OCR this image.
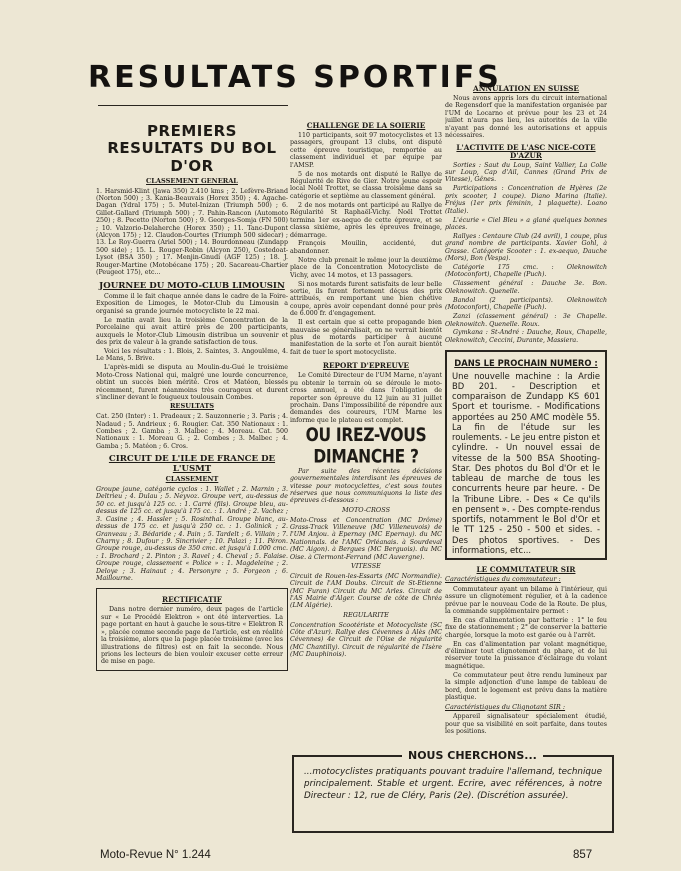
RESULTATS SPORTIFS
PREMIERS RESULTATS DU BOL D'OR
CLASSEMENT GENERAL

1. Harsmid-Klint (Jawa 350) 2.410 kms ; 2. Lefèvre-Briand (Norton 500) ; 3. Kania-Beauvais (Horex 350) ; 4. Agache-Dagan (Ydral 175) ; 5. Mutel-Inizan (Triumph 500) ; 6. Gillet-Gallard (Triumph 500) ; 7. Pahin-Rancon (Automoto 250) ; 8. Pecetto (Norton 500) ; 9. Georges-Somja (FN 500) ; 10. Valzorio-Delaherche (Horex 350) ; 11. Tanc-Dupont (Alcyon 175) ; 12. Claudon-Courtes (Triumph 500 sidecar) ; 13. Le Roy-Guerra (Ariel 500) ; 14. Bourdonneau (Zundapp 500 side) ; 15. L. Rouger-Robin (Alcyon 250), Costedoat-Lysot (BSA 350) ; 17. Menjin-Gnudi (AGF 125) ; 18. J. Rouger-Martine (Motobécane 175) ; 20. Sacareau-Chartier (Peugeot 175), etc...

JOURNEE DU MOTO-CLUB LIMOUSIN

Comme il le fait chaque année dans le cadre de la Foire-Exposition de Limoges, le Motor-Club du Limousin a organisé sa grande journée motocycliste le 22 mai.

Le matin avait lieu la troisième Concentration de la Porcelaine qui avait attiré près de 200 participants, auxquels le Motor-Club Limousin distribua un souvenir et des prix de valeur à la grande satisfaction de tous.

Voici les résultats : 1. Blois, 2. Saintes, 3. Angoulême, 4. Le Mans, 5. Brive.

L'après-midi se disputa au Moulin-du-Gué le troisième Moto-Cross National qui, malgré une lourde concurrence, obtint un succès bien mérité. Cros et Matéon, blessés récemment, furent néanmoins très courageux et durent s'incliner devant le fougueux toulousain Combes.

RESULTATS

Cat. 250 (Inter) : 1. Pradeaux ; 2. Sauzonnerie ; 3. Paris ; 4. Nadaud ; 5. Andrieux ; 6. Rougier. Cat. 350 Nationaux : 1. Combes ; 2. Gamba ; 3. Malbec ; 4. Moreau. Cat. 500 Nationaux : 1. Moreau G. ; 2. Combes ; 3. Malbec ; 4. Gamba ; 5. Matéon ; 6. Cros.

CIRCUIT DE L'ILE DE FRANCE DE L'USMT
CLASSEMENT

Groupe jaune, catégorie cyclos : 1. Wallet ; 2. Marnin ; 3. Deltrieu ; 4. Dulau ; 5. Neyvoz. Groupe vert, au-dessus de 50 cc. et jusqu'à 125 cc. : 1. Carré (fils). Groupe bleu, au-dessus de 125 cc. et jusqu'à 175 cc. : 1. André ; 2. Vachez ; 3. Casine ; 4. Hassler ; 5. Rosinthal. Groupe blanc, au-dessus de 175 cc. et jusqu'à 250 cc. : 1. Golinick ; 2. Granveau ; 3. Bédaride ; 4. Pain ; 5. Tardelt ; 6. Villain ; 7. Charny ; 8. Dufour ; 9. Sincrivier ; 10. Palazi ; 11. Péron. Groupe rouge, au-dessus de 350 cmc. et jusqu'à 1.000 cmc. : 1. Brochard ; 2. Pinton ; 3. Ravel ; 4. Cheval ; 5. Falaise. Groupe rouge, classement « Police » : 1. Magdeleine ; 2. Deloye ; 3. Hainaut ; 4. Personyre ; 5. Forgeon ; 6. Maillourne.

RECTIFICATIF

Dans notre dernier numéro, deux pages de l'article sur « Le Procédé Elektron » ont été interverties. La page portant en haut à gauche le sous-titre « Elektron R », placée comme seconde page de l'article, est en réalité la troisième, alors que la page placée troisième (avec les illustrations de filtres) est en fait la seconde. Nous prions les lecteurs de bien vouloir excuser cette erreur de mise en page.

CHALLENGE DE LA SOIERIE

110 participants, soit 97 motocyclistes et 13 passagers, groupant 13 clubs, ont disputé cette épreuve touristique, remportée au classement individuel et par équipe par l'AMSP.

5 de nos motards ont disputé le Rallye de Régularité de Rive de Gier. Notre jeune espoir local Noël Trottet, se classa troisième dans sa catégorie et septième au classement général.

2 de nos motards ont participé au Rallye de Régularité St Raphaël-Vichy. Noël Trottet termina 1er ex-aequo de cette épreuve, et se classa sixième, après les épreuves freinage, démarrage.

François Mouilin, accidenté, dut abandonner.

Notre club prenait le même jour la deuxième place de la Concentration Motocycliste de Vichy, avec 14 motos, et 13 passagers.

Si nos motards furent satisfaits de leur belle sortie, ils furent fortement déçus des prix attribués, en remportant une bien chétive coupe, après avoir cependant donné pour près de 6.000 fr. d'engagement.

Il est certain que si cette propagande bien mauvaise se généralisait, on ne verrait bientôt plus de motards participer à aucune manifestation de la sorte et l'on aurait bientôt fait de tuer le sport motocycliste.

REPORT D'EPREUVE

Le Comité Directeur de l'UM Marne, n'ayant pu obtenir le terrain où se déroule le moto-cross annuel, a été dans l'obligation de reporter son épreuve du 12 juin au 31 juillet prochain. Dans l'impossibilité de répondre aux demandes des coureurs, l'UM Marne les informe que le plateau est complet.

OU IREZ-VOUS DIMANCHE ?

Par suite des récentes décisions gouvernementales interdisant les épreuves de vitesse pour motocyclettes, c'est sous toutes réserves que nous communiquons la liste des épreuves ci-dessous :

MOTO-CROSS

Moto-Cross et Concentration (MC Drôme) Grass-Track Villeneuve (MC Villeneuvois) de l'UM Anjou. à Epernay (MC Epernay). du MC Nationnals. de l'AMC Orléanais. à Sourdeval (MC Aigon). à Bergues (MC Berguois). du MC Oise. à Clermont-Ferrand (MC Auvergne).

VITESSE

Circuit de Rouen-les-Essarts (MC Normandie). Circuit de l'AM Doubs. Circuit de St-Etienne (MC Furan) Circuit du MC Arles. Circuit de l'AS Mairie d'Alger. Course de côte de Chréa (LM Algérie).

REGULARITE

Concentration Scootériste et Motocycliste (SC Côte d'Azur). Rallye des Cévennes à Alès (MC Cévennes) 4e Circuit de l'Oise de régularité (MC Chantilly). Circuit de régularité de l'Isère (MC Dauphinois).

ANNULATION EN SUISSE

Nous avons appris lors du circuit international de Regensdorf que la manifestation organisée par l'UM de Locarno et prévue pour les 23 et 24 juillet n'aura pas lieu, les autorités de la ville n'ayant pas donné les autorisations et appuis nécessaires.

L'ACTIVITE DE L'ASC NICE-COTE D'AZUR

Sorties : Saut du Loup, Saint Vallier, La Colle sur Loup, Cap d'Ail, Cannes (Grand Prix de Vitesse), Gênes.

Participations : Concentration de Hyères (2e prix scooter, 1 coupe). Diano Marina (Italie). Fréjus (1er prix féminin, 1 plaquette). Loano (Italie).

L'écurie « Ciel Bleu » a glané quelques bonnes places.

Rallyes : Centaure Club (24 avril), 1 coupe, plus grand nombre de participants. Xavier Gohl, à Grasse. Catégorie Scooter : 1. ex-aequo, Dauche (Mors), Bon (Vespa).

Catégorie 175 cmc. : Oleknowitch (Motoconfort), Chapelle (Puch).

Classement général : Dauche 3e. Bon. Oleknowitch. Quenelle.

Bandol (2 participants). Oleknowitch (Motoconfort), Chapelle (Puch).

Zanzi (classement général) : 3e Chapelle. Oleknowitch. Quenelle. Roux.

Gymkana : St-André : Dauche, Roux, Chapelle, Oleknowitch, Ceccini, Durante, Massiera.

DANS LE PROCHAIN NUMERO :
Une nouvelle machine : la Ardie BD 201. - Description et comparaison de Zundapp KS 601 Sport et tourisme. - Modifications apportées au 250 AMC modèle 55. La fin de l'étude sur les roulements. - Le jeu entre piston et cylindre. - Un nouvel essai de vitesse de la 500 BSA Shooting-Star. Des photos du Bol d'Or et le tableau de marche de tous les concurrents heure par heure. - De la Tribune Libre. - Des « Ce qu'ils en pensent ». - Des compte-rendus sportifs, notamment le Bol d'Or et le TT 125 - 250 - 500 et sides. - Des photos sportives. - Des informations, etc...
LE COMMUTATEUR SIR
Caractéristiques du commutateur :

Commutateur ayant un bilame à l'intérieur, qui assure un clignotement régulier, et à la cadence prévue par le nouveau Code de la Route. De plus, la commande supplémentaire permet :

En cas d'alimentation par batterie : 1° le feu fixe de stationnement ; 2° de conserver la batterie chargée, lorsque la moto est garée ou à l'arrêt.

En cas d'alimentation par volant magnétique, d'éliminer tout clignotement du phare, et de lui réserver toute la puissance d'éclairage du volant magnétique.

Ce commutateur peut être rendu lumineux par la simple adjonction d'une lampe de tableau de bord, dont le logement est prévu dans la matière plastique.

Caractéristiques du Clignotant SIR :

Appareil signalisateur spécialement étudié, pour que sa visibilité en soit parfaite, dans toutes les positions.

NOUS CHERCHONS...
...motocyclistes pratiquants pouvant traduire l'allemand, technique principalement. Stable et urgent. Ecrire, avec références, à notre Directeur : 12, rue de Cléry, Paris (2e). (Discrétion assurée).
Moto-Revue N° 1.244	857
